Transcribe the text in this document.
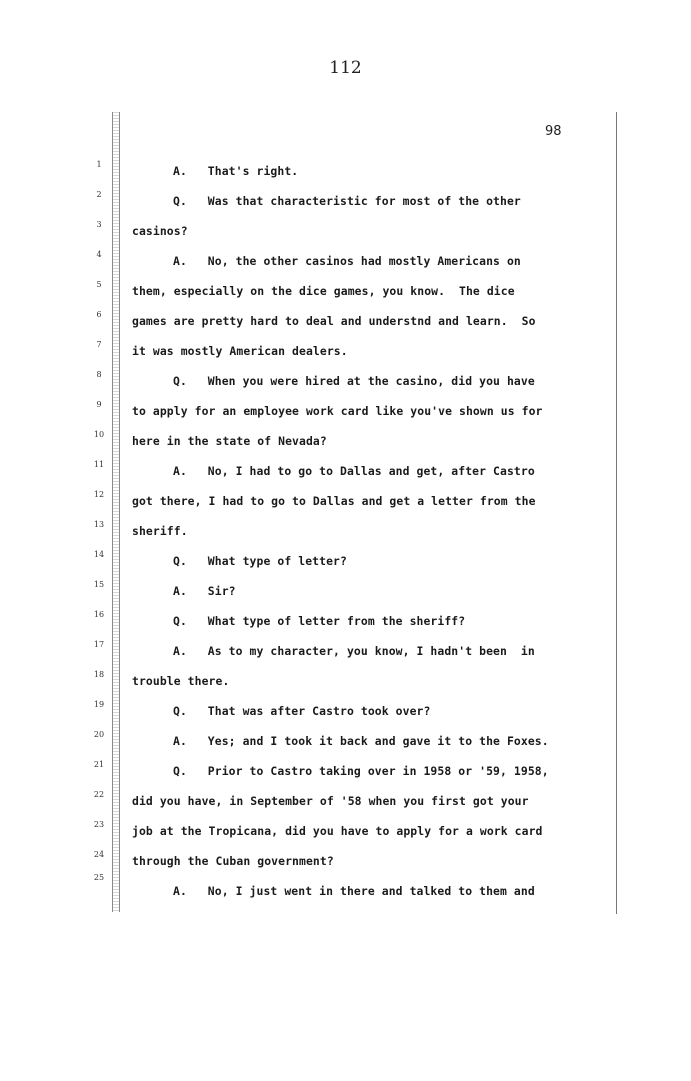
112
98
1
2
3
4
5
6
7
8
9
10
11
12
13
14
15
16
17
18
19
20
21
22
23
24
25
A.   That's right.
Q.   Was that characteristic for most of the other
casinos?
A.   No, the other casinos had mostly Americans on
them, especially on the dice games, you know.  The dice
games are pretty hard to deal and understnd and learn.  So
it was mostly American dealers.
Q.   When you were hired at the casino, did you have
to apply for an employee work card like you've shown us for
here in the state of Nevada?
A.   No, I had to go to Dallas and get, after Castro
got there, I had to go to Dallas and get a letter from the
sheriff.
Q.   What type of letter?
A.   Sir?
Q.   What type of letter from the sheriff?
A.   As to my character, you know, I hadn't been  in
trouble there.
Q.   That was after Castro took over?
A.   Yes; and I took it back and gave it to the Foxes.
Q.   Prior to Castro taking over in 1958 or '59, 1958,
did you have, in September of '58 when you first got your
job at the Tropicana, did you have to apply for a work card
through the Cuban government?
A.   No, I just went in there and talked to them and
